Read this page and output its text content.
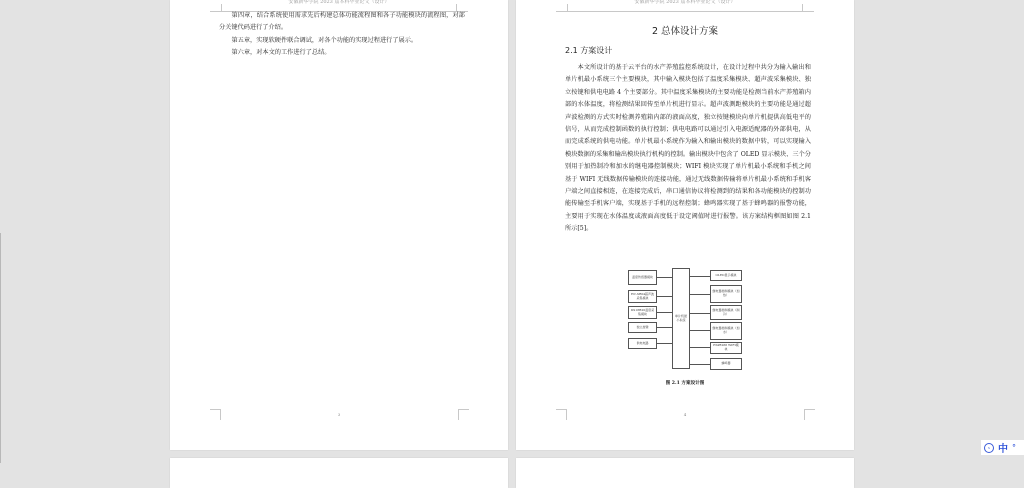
安徽新华学院 2023 届本科毕业论文（设计）

第四章，结合系统使用需求先后构建总体功能流程图和各子功能模块的流程图，对部分关键代码进行了介绍。

第五章，实现软硬件联合调试，对各个功能的实现过程进行了展示。

第六章，对本文的工作进行了总结。

3
安徽新华学院 2023 届本科毕业论文（设计）
2 总体设计方案
2.1 方案设计

本文所设计的基于云平台的水产养殖监控系统设计，在设计过程中共分为输入输出和单片机最小系统三个主要模块，其中输入模块包括了温度采集模块、超声波采集模块、独立按键和供电电路 4 个主要部分。其中温度采集模块的主要功能是检测当前水产养殖箱内部的水体温度，将检测结果回传至单片机进行显示。超声波测距模块的主要功能是通过超声波检测的方式实时检测养殖箱内部的液面高度，独立按键模块向单片机提供高低电平的信号，从而完成控制函数的执行控制；供电电路可以通过引入电源适配器的外部供电，从而完成系统的供电功能。单片机最小系统作为输入和输出模块的数据中转，可以实现输入模块数据的采集和输出模块执行机构的控制。输出模块中包含了 OLED 显示模块、三个分别用于加热制冷和加水的继电器控制模块；WIFI 模块实现了单片机最小系统和手机之间基于 WIFI 无线数据传输模块的连接功能，通过无线数据传输将单片机最小系统和手机客户端之间直接相连，在连接完成后，串口通信协议将检测到的结果和各功能模块的控制功能传输至手机客户端，实现基于手机的远程控制；蜂鸣器实现了基于蜂鸣器的报警功能，主要用于实现在水体温度或液面高度低于设定阈值时进行报警。该方案结构框图如图 2.1 所示[5]。

温度传感器模块
HC-SR04超声波采集模块
DS18B20温度采集模块
独立按键
供电电路
单片机最小系统
OLED显示模块
继电器控制模块（加热）
继电器控制模块（制冷）
继电器控制模块（加水）
ESP8266 WIFI模块
蜂鸣器
图 2.1 方案设计图
4
S 中 °
